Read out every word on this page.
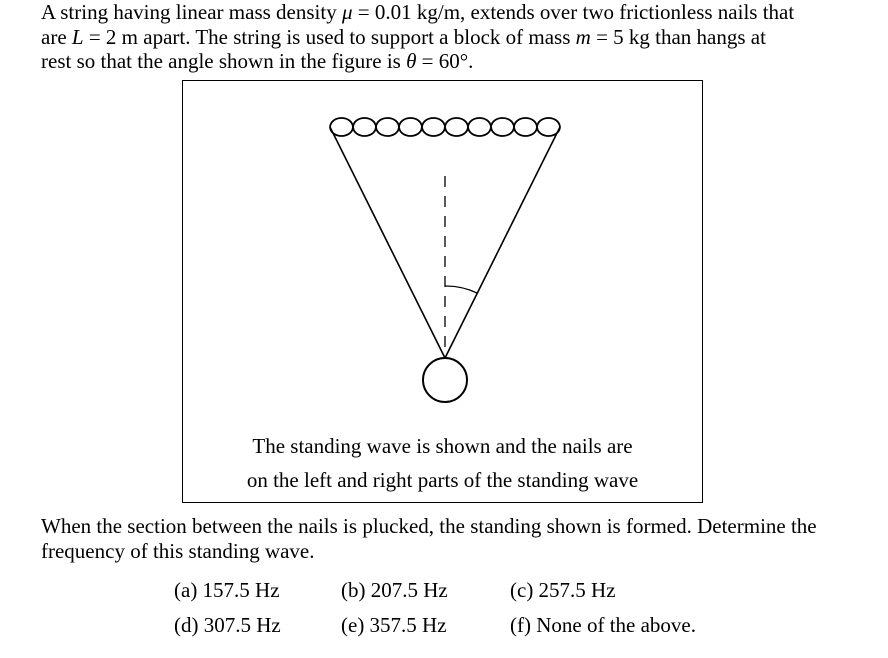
A string having linear mass density μ = 0.01 kg/m, extends over two frictionless nails that
are L = 2 m apart. The string is used to support a block of mass m = 5 kg than hangs at
rest so that the angle shown in the figure is θ = 60°.

The standing wave is shown and the nails are
on the left and right parts of the standing wave

When the section between the nails is plucked, the standing shown is formed. Determine the frequency of this standing wave.

(a) 157.5 Hz	(b) 207.5 Hz	(c) 257.5 Hz
(d) 307.5 Hz	(e) 357.5 Hz	(f) None of the above.
